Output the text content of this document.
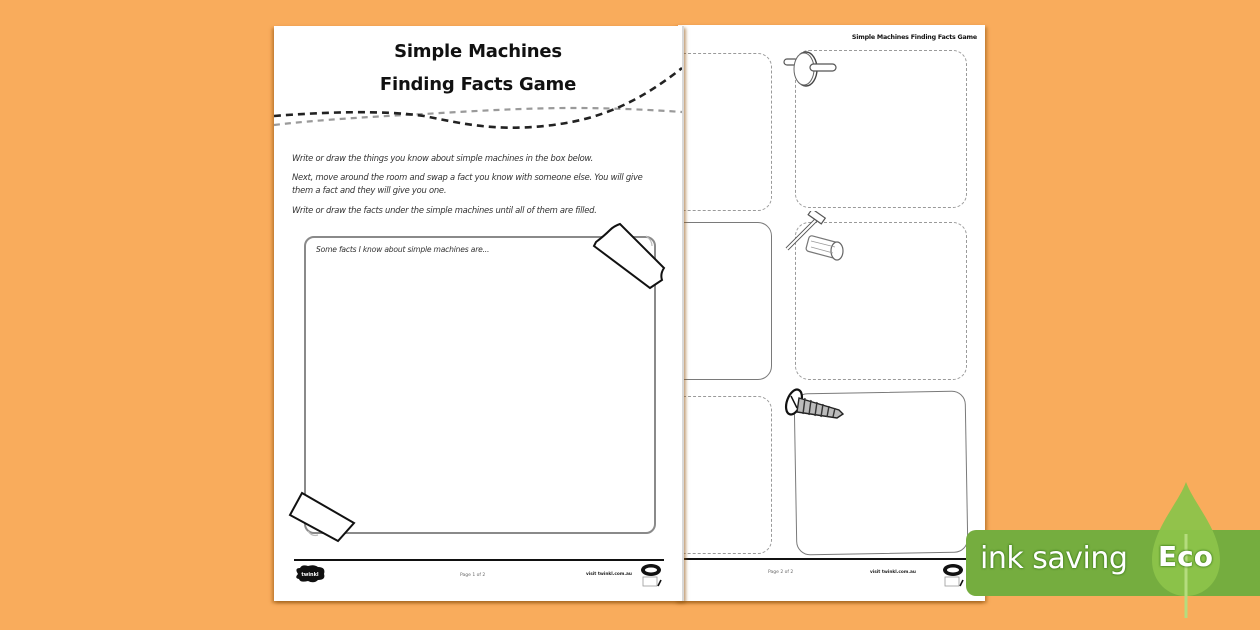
Simple Machines Finding Facts Game
Page 2 of 2	visit twinkl.com.au
Simple Machines
Finding Facts Game
Write or draw the things you know about simple machines in the box below.
Next, move around the room and swap a fact you know with someone else. You will give them a fact and they will give you one.
Write or draw the facts under the simple machines until all of them are filled.
Some facts I know about simple machines are...
twinkl	Page 1 of 2	visit twinkl.com.au	ink saving Eco
